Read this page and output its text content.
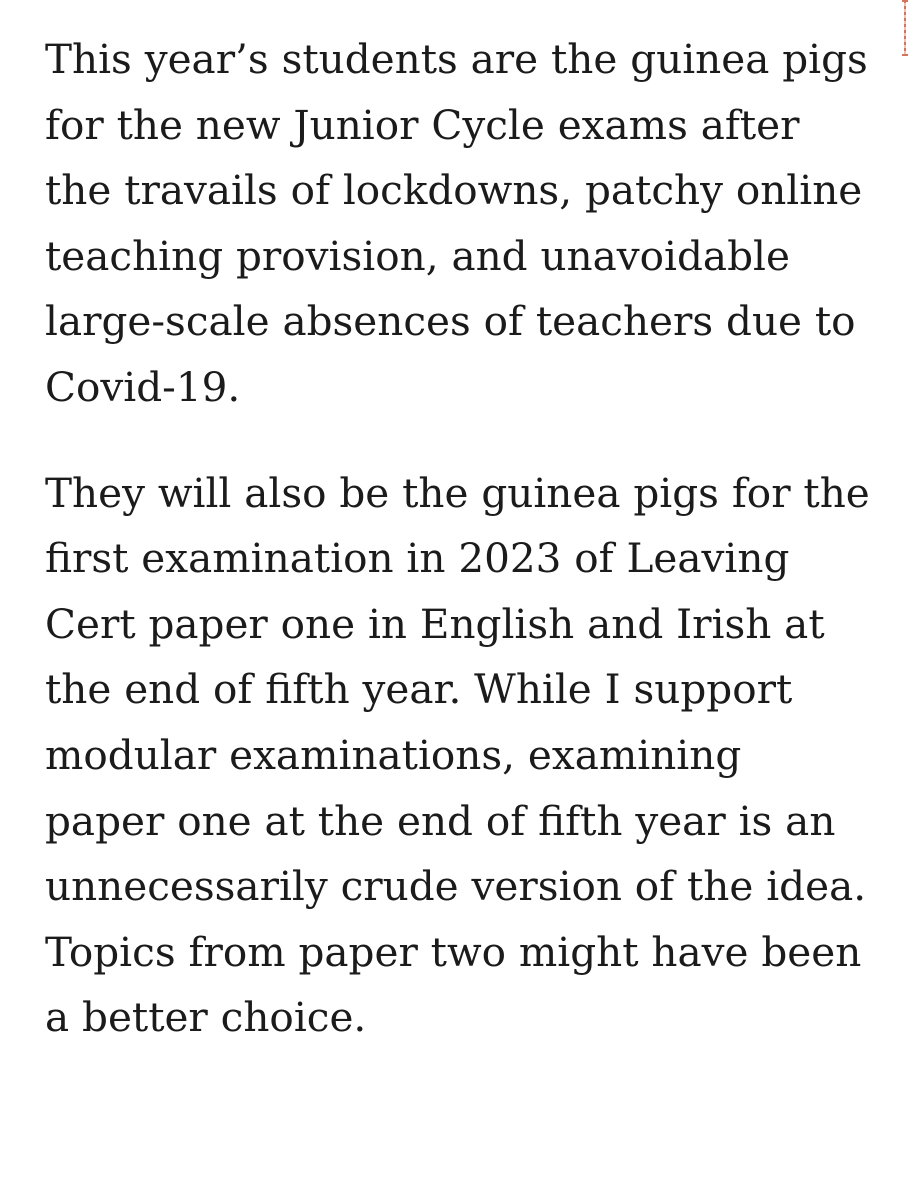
This year’s students are the guinea pigs
for the new Junior Cycle exams after
the travails of lockdowns, patchy online
teaching provision, and unavoidable
large-scale absences of teachers due to
Covid-19.

They will also be the guinea pigs for the
first examination in 2023 of Leaving
Cert paper one in English and Irish at
the end of fifth year. While I support
modular examinations, examining
paper one at the end of fifth year is an
unnecessarily crude version of the idea.
Topics from paper two might have been
a better choice.
